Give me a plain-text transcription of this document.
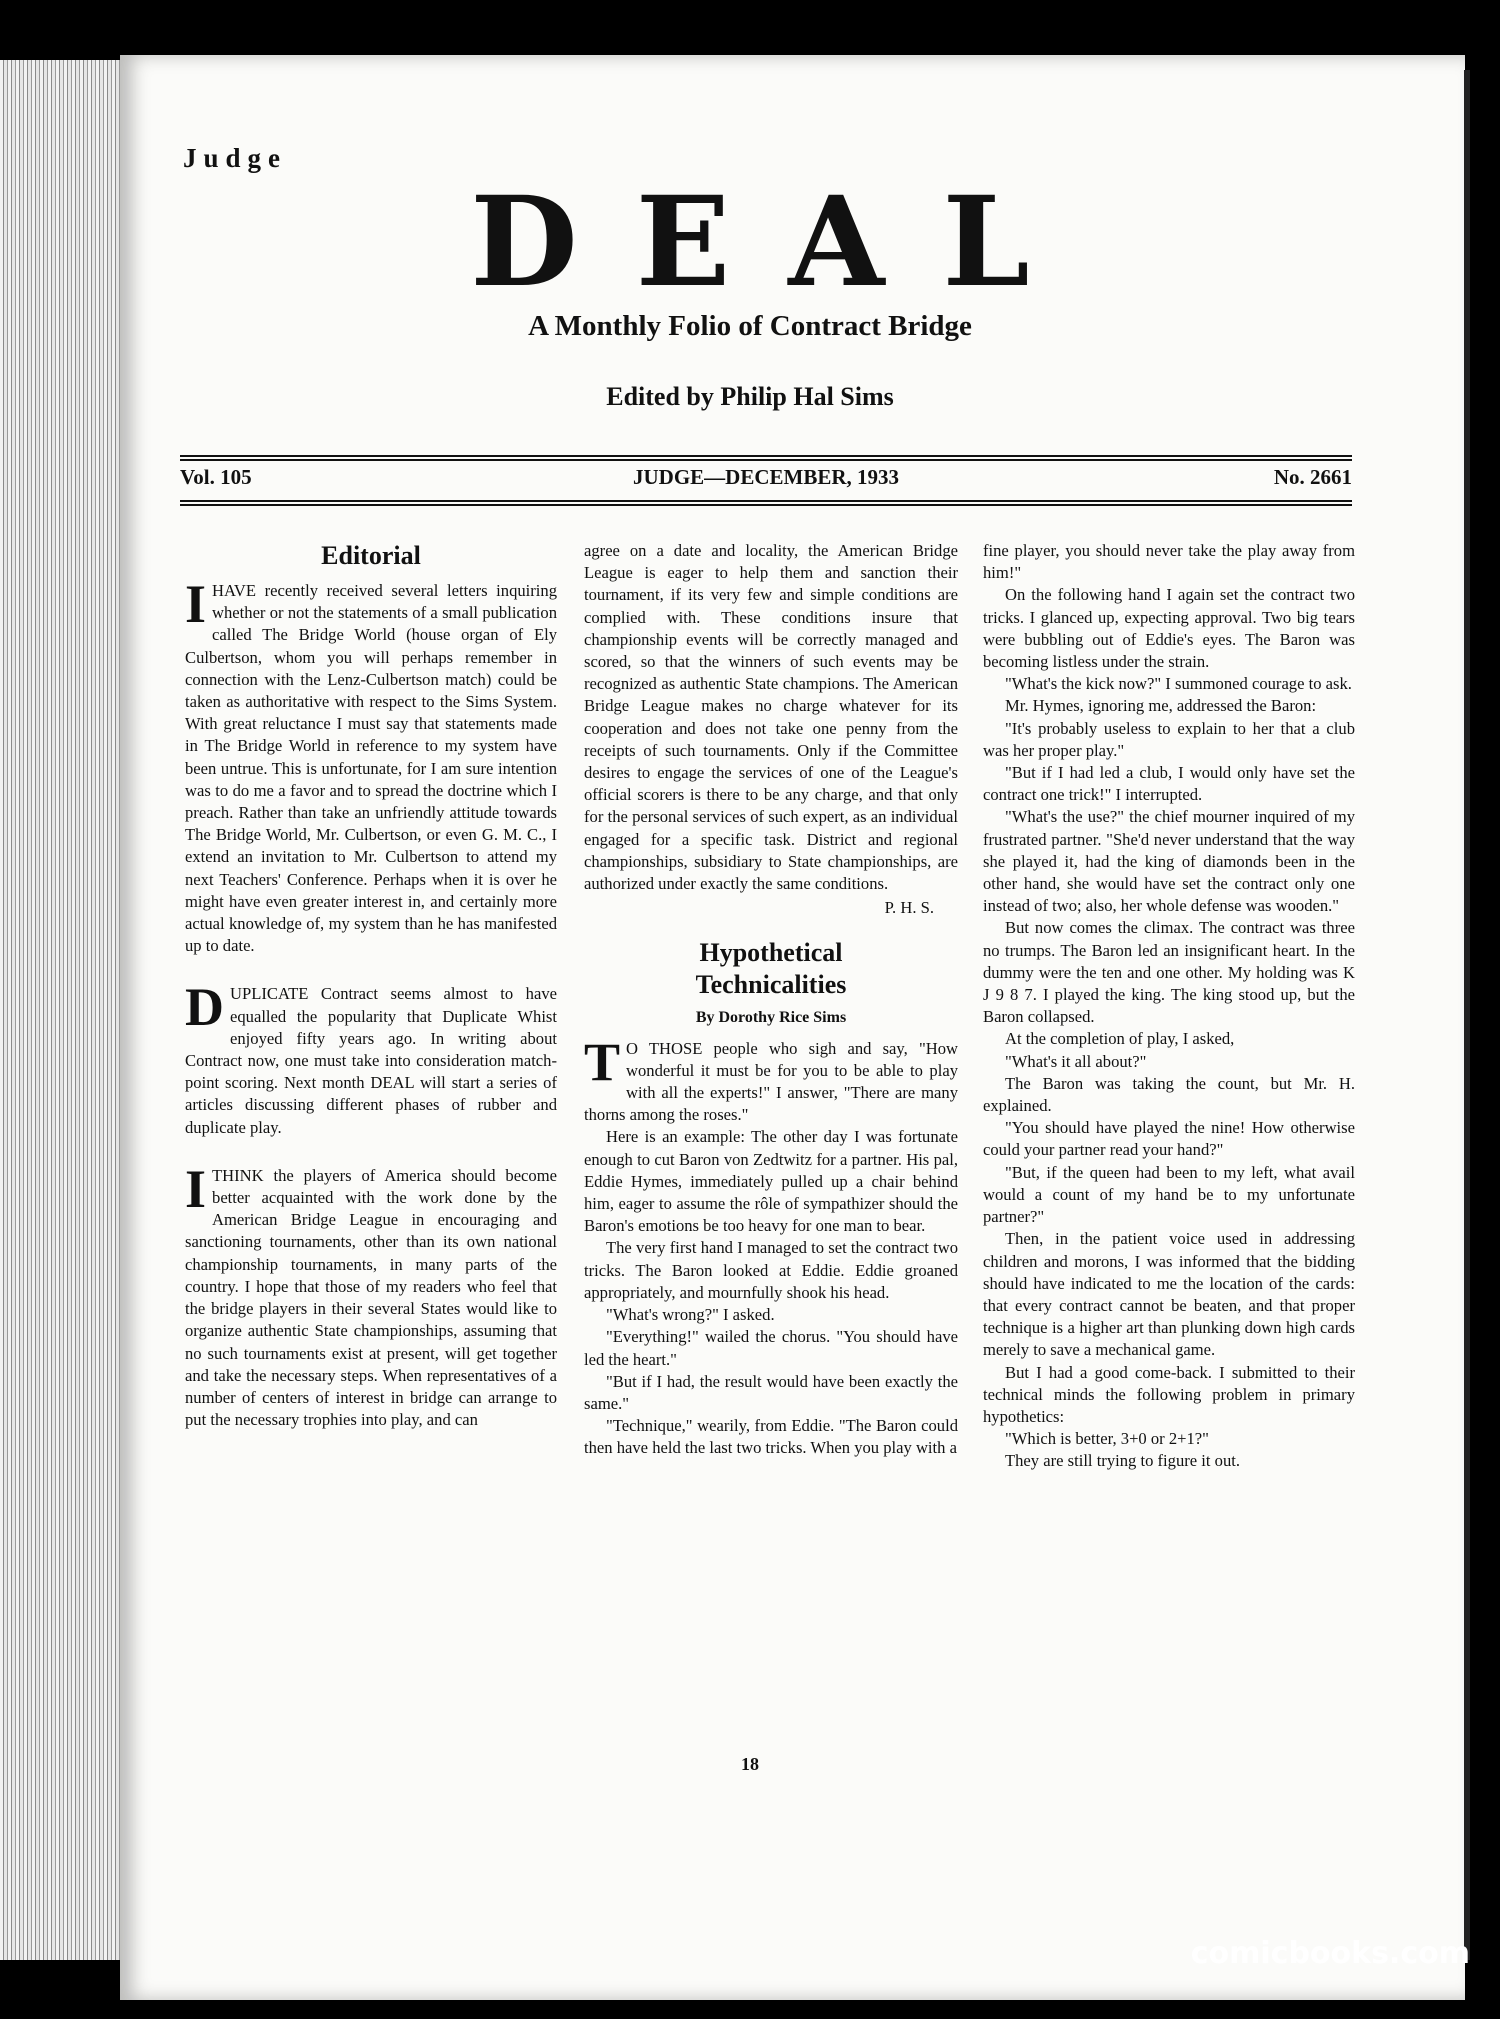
Judge
DEAL
A Monthly Folio of Contract Bridge
Edited by Philip Hal Sims
Vol. 105	JUDGE—DECEMBER, 1933	No. 2661
Editorial

IHAVE recently received several letters inquiring whether or not the statements of a small publication called The Bridge World (house organ of Ely Culbertson, whom you will perhaps remember in connection with the Lenz-Culbertson match) could be taken as authoritative with respect to the Sims System. With great reluctance I must say that statements made in The Bridge World in reference to my system have been untrue. This is unfortunate, for I am sure intention was to do me a favor and to spread the doctrine which I preach. Rather than take an unfriendly attitude towards The Bridge World, Mr. Culbertson, or even G. M. C., I extend an invitation to Mr. Culbertson to attend my next Teachers' Conference. Perhaps when it is over he might have even greater interest in, and certainly more actual knowledge of, my system than he has manifested up to date.

DUPLICATE Contract seems almost to have equalled the popularity that Duplicate Whist enjoyed fifty years ago. In writing about Contract now, one must take into consideration match-point scoring. Next month DEAL will start a series of articles discussing different phases of rubber and duplicate play.

ITHINK the players of America should become better acquainted with the work done by the American Bridge League in encouraging and sanctioning tournaments, other than its own national championship tournaments, in many parts of the country. I hope that those of my readers who feel that the bridge players in their several States would like to organize authentic State championships, assuming that no such tournaments exist at present, will get together and take the necessary steps. When representatives of a number of centers of interest in bridge can arrange to put the necessary trophies into play, and can

agree on a date and locality, the American Bridge League is eager to help them and sanction their tournament, if its very few and simple conditions are complied with. These conditions insure that championship events will be correctly managed and scored, so that the winners of such events may be recognized as authentic State champions. The American Bridge League makes no charge whatever for its cooperation and does not take one penny from the receipts of such tournaments. Only if the Committee desires to engage the services of one of the League's official scorers is there to be any charge, and that only for the personal services of such expert, as an individual engaged for a specific task. District and regional championships, subsidiary to State championships, are authorized under exactly the same conditions.

P. H. S.

Hypothetical
Technicalities
By Dorothy Rice Sims

T O THOSE people who sigh and say, "How wonderful it must be for you to be able to play with all the experts!" I answer, "There are many thorns among the roses."

Here is an example: The other day I was fortunate enough to cut Baron von Zedtwitz for a partner. His pal, Eddie Hymes, immediately pulled up a chair behind him, eager to assume the rôle of sympathizer should the Baron's emotions be too heavy for one man to bear.

The very first hand I managed to set the contract two tricks. The Baron looked at Eddie. Eddie groaned appropriately, and mournfully shook his head.

"What's wrong?" I asked.

"Everything!" wailed the chorus. "You should have led the heart."

"But if I had, the result would have been exactly the same."

"Technique," wearily, from Eddie. "The Baron could then have held the last two tricks. When you play with a

fine player, you should never take the play away from him!"

On the following hand I again set the contract two tricks. I glanced up, expecting approval. Two big tears were bubbling out of Eddie's eyes. The Baron was becoming listless under the strain.

"What's the kick now?" I summoned courage to ask.

Mr. Hymes, ignoring me, addressed the Baron:

"It's probably useless to explain to her that a club was her proper play."

"But if I had led a club, I would only have set the contract one trick!" I interrupted.

"What's the use?" the chief mourner inquired of my frustrated partner. "She'd never understand that the way she played it, had the king of diamonds been in the other hand, she would have set the contract only one instead of two; also, her whole defense was wooden."

But now comes the climax. The contract was three no trumps. The Baron led an insignificant heart. In the dummy were the ten and one other. My holding was K J 9 8 7. I played the king. The king stood up, but the Baron collapsed.

At the completion of play, I asked,

"What's it all about?"

The Baron was taking the count, but Mr. H. explained.

"You should have played the nine! How otherwise could your partner read your hand?"

"But, if the queen had been to my left, what avail would a count of my hand be to my unfortunate partner?"

Then, in the patient voice used in addressing children and morons, I was informed that the bidding should have indicated to me the location of the cards: that every contract cannot be beaten, and that proper technique is a higher art than plunking down high cards merely to save a mechanical game.

But I had a good come-back. I submitted to their technical minds the following problem in primary hypothetics:

"Which is better, 3+0 or 2+1?"

They are still trying to figure it out.

18
comicbooks.com
